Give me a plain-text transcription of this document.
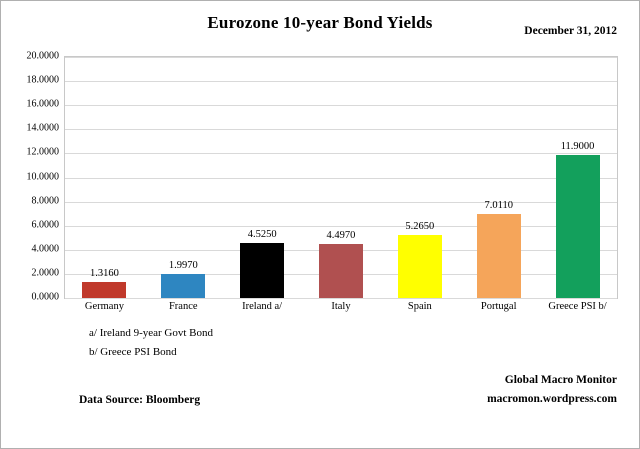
Eurozone 10-year Bond Yields	December 31, 2012
20.0000
18.0000
16.0000
14.0000
12.0000
10.0000
8.0000
6.0000
4.0000
2.0000
0.0000
1.3160
1.9970
4.5250	4.4970
5.2650
7.0110
11.9000
Germany	France	Ireland a/	Italy	Spain	Portugal	Greece PSI b/
a/ Ireland 9-year Govt Bond
b/ Greece PSI Bond
Data Source: Bloomberg
Global Macro Monitor
macromon.wordpress.com
